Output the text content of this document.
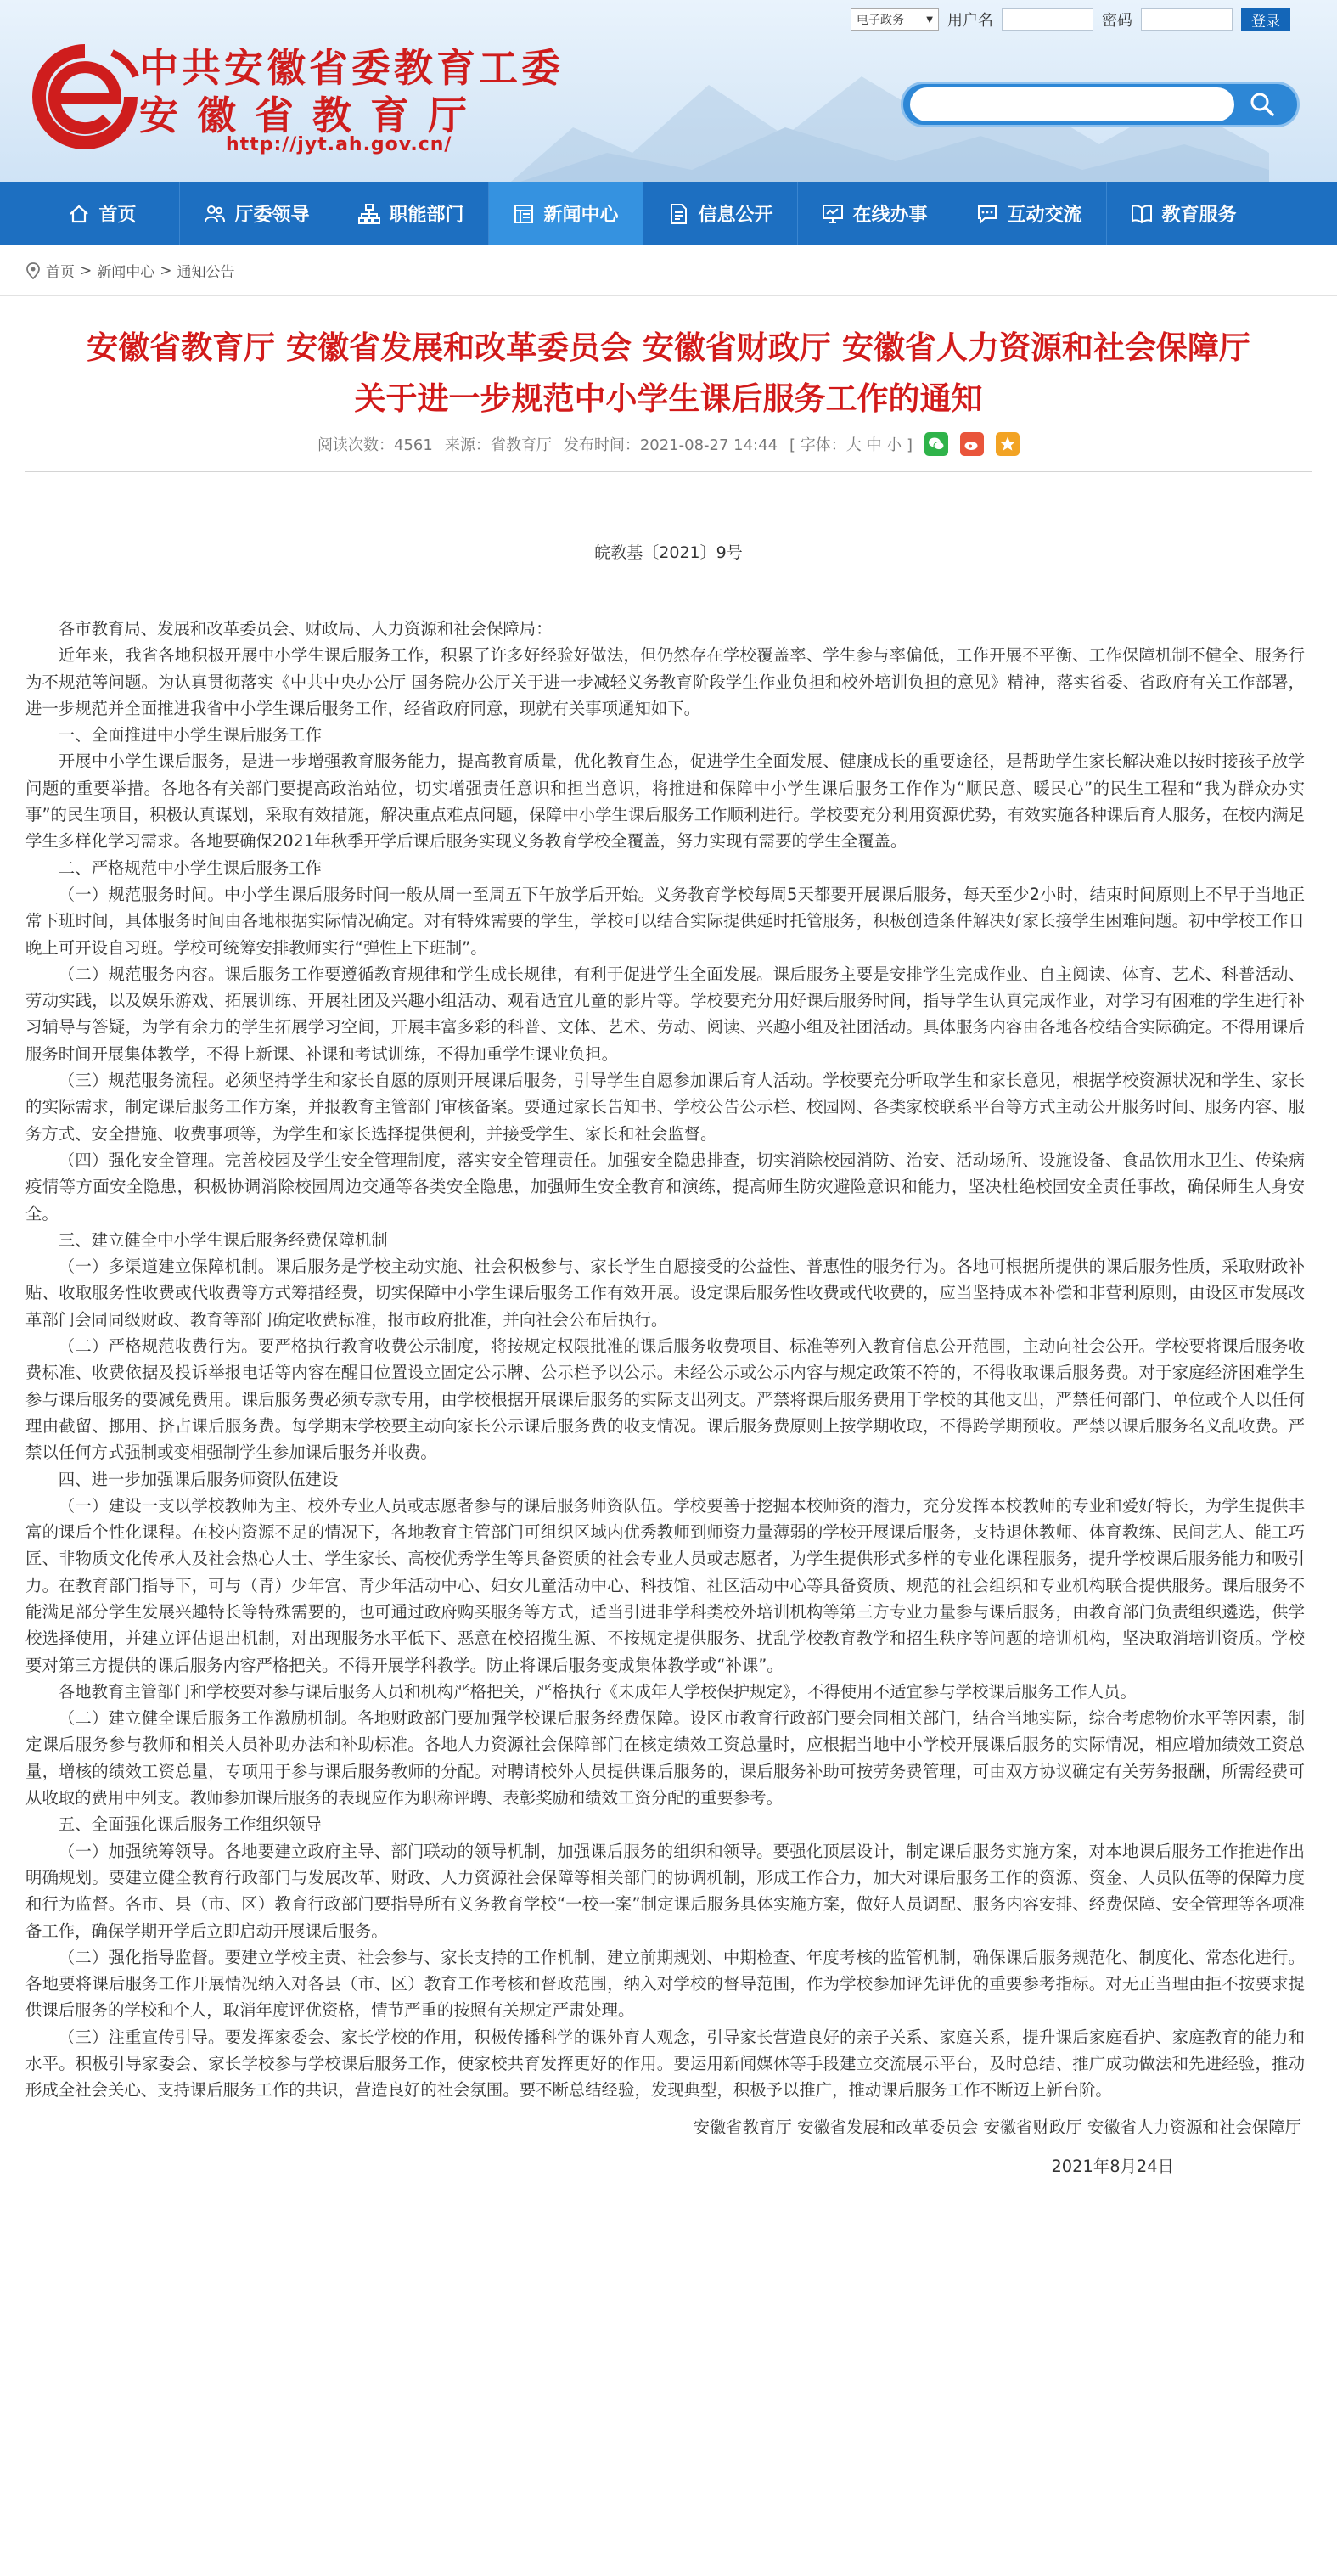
中共安徽省委教育工委
安徽省教育厅
http://jyt.ah.gov.cn/
电子政务	▼ 用户名	密码	登录
首页	厅委领导	职能部门	新闻中心	信息公开	在线办事	互动交流	教育服务
首页 > 新闻中心 > 通知公告
安徽省教育厅 安徽省发展和改革委员会 安徽省财政厅 安徽省人力资源和社会保障厅
关于进一步规范中小学生课后服务工作的通知
阅读次数：4561 来源：省教育厅 发布时间：2021-08-27 14:44 [ 字体：大 中 小 ]
皖教基〔2021〕9号

各市教育局、发展和改革委员会、财政局、人力资源和社会保障局：

近年来，我省各地积极开展中小学生课后服务工作，积累了许多好经验好做法，但仍然存在学校覆盖率、学生参与率偏低，工作开展不平衡、工作保障机制不健全、服务行为不规范等问题。为认真贯彻落实《中共中央办公厅 国务院办公厅关于进一步减轻义务教育阶段学生作业负担和校外培训负担的意见》精神，落实省委、省政府有关工作部署，进一步规范并全面推进我省中小学生课后服务工作，经省政府同意，现就有关事项通知如下。

一、全面推进中小学生课后服务工作

开展中小学生课后服务，是进一步增强教育服务能力，提高教育质量，优化教育生态，促进学生全面发展、健康成长的重要途径，是帮助学生家长解决难以按时接孩子放学问题的重要举措。各地各有关部门要提高政治站位，切实增强责任意识和担当意识，将推进和保障中小学生课后服务工作作为“顺民意、暖民心”的民生工程和“我为群众办实事”的民生项目，积极认真谋划，采取有效措施，解决重点难点问题，保障中小学生课后服务工作顺利进行。学校要充分利用资源优势，有效实施各种课后育人服务，在校内满足学生多样化学习需求。各地要确保2021年秋季开学后课后服务实现义务教育学校全覆盖，努力实现有需要的学生全覆盖。

二、严格规范中小学生课后服务工作

（一）规范服务时间。中小学生课后服务时间一般从周一至周五下午放学后开始。义务教育学校每周5天都要开展课后服务，每天至少2小时，结束时间原则上不早于当地正常下班时间，具体服务时间由各地根据实际情况确定。对有特殊需要的学生，学校可以结合实际提供延时托管服务，积极创造条件解决好家长接学生困难问题。初中学校工作日晚上可开设自习班。学校可统筹安排教师实行“弹性上下班制”。

（二）规范服务内容。课后服务工作要遵循教育规律和学生成长规律，有利于促进学生全面发展。课后服务主要是安排学生完成作业、自主阅读、体育、艺术、科普活动、劳动实践，以及娱乐游戏、拓展训练、开展社团及兴趣小组活动、观看适宜儿童的影片等。学校要充分用好课后服务时间，指导学生认真完成作业，对学习有困难的学生进行补习辅导与答疑，为学有余力的学生拓展学习空间，开展丰富多彩的科普、文体、艺术、劳动、阅读、兴趣小组及社团活动。具体服务内容由各地各校结合实际确定。不得用课后服务时间开展集体教学，不得上新课、补课和考试训练，不得加重学生课业负担。

（三）规范服务流程。必须坚持学生和家长自愿的原则开展课后服务，引导学生自愿参加课后育人活动。学校要充分听取学生和家长意见，根据学校资源状况和学生、家长的实际需求，制定课后服务工作方案，并报教育主管部门审核备案。要通过家长告知书、学校公告公示栏、校园网、各类家校联系平台等方式主动公开服务时间、服务内容、服务方式、安全措施、收费事项等，为学生和家长选择提供便利，并接受学生、家长和社会监督。

（四）强化安全管理。完善校园及学生安全管理制度，落实安全管理责任。加强安全隐患排查，切实消除校园消防、治安、活动场所、设施设备、食品饮用水卫生、传染病疫情等方面安全隐患，积极协调消除校园周边交通等各类安全隐患，加强师生安全教育和演练，提高师生防灾避险意识和能力，坚决杜绝校园安全责任事故，确保师生人身安全。

三、建立健全中小学生课后服务经费保障机制

（一）多渠道建立保障机制。课后服务是学校主动实施、社会积极参与、家长学生自愿接受的公益性、普惠性的服务行为。各地可根据所提供的课后服务性质，采取财政补贴、收取服务性收费或代收费等方式筹措经费，切实保障中小学生课后服务工作有效开展。设定课后服务性收费或代收费的，应当坚持成本补偿和非营利原则，由设区市发展改革部门会同同级财政、教育等部门确定收费标准，报市政府批准，并向社会公布后执行。

（二）严格规范收费行为。要严格执行教育收费公示制度，将按规定权限批准的课后服务收费项目、标准等列入教育信息公开范围，主动向社会公开。学校要将课后服务收费标准、收费依据及投诉举报电话等内容在醒目位置设立固定公示牌、公示栏予以公示。未经公示或公示内容与规定政策不符的，不得收取课后服务费。对于家庭经济困难学生参与课后服务的要减免费用。课后服务费必须专款专用，由学校根据开展课后服务的实际支出列支。严禁将课后服务费用于学校的其他支出，严禁任何部门、单位或个人以任何理由截留、挪用、挤占课后服务费。每学期末学校要主动向家长公示课后服务费的收支情况。课后服务费原则上按学期收取，不得跨学期预收。严禁以课后服务名义乱收费。严禁以任何方式强制或变相强制学生参加课后服务并收费。

四、进一步加强课后服务师资队伍建设

（一）建设一支以学校教师为主、校外专业人员或志愿者参与的课后服务师资队伍。学校要善于挖掘本校师资的潜力，充分发挥本校教师的专业和爱好特长，为学生提供丰富的课后个性化课程。在校内资源不足的情况下，各地教育主管部门可组织区域内优秀教师到师资力量薄弱的学校开展课后服务，支持退休教师、体育教练、民间艺人、能工巧匠、非物质文化传承人及社会热心人士、学生家长、高校优秀学生等具备资质的社会专业人员或志愿者，为学生提供形式多样的专业化课程服务，提升学校课后服务能力和吸引力。在教育部门指导下，可与（青）少年宫、青少年活动中心、妇女儿童活动中心、科技馆、社区活动中心等具备资质、规范的社会组织和专业机构联合提供服务。课后服务不能满足部分学生发展兴趣特长等特殊需要的，也可通过政府购买服务等方式，适当引进非学科类校外培训机构等第三方专业力量参与课后服务，由教育部门负责组织遴选，供学校选择使用，并建立评估退出机制，对出现服务水平低下、恶意在校招揽生源、不按规定提供服务、扰乱学校教育教学和招生秩序等问题的培训机构，坚决取消培训资质。学校要对第三方提供的课后服务内容严格把关。不得开展学科教学。防止将课后服务变成集体教学或“补课”。

各地教育主管部门和学校要对参与课后服务人员和机构严格把关，严格执行《未成年人学校保护规定》，不得使用不适宜参与学校课后服务工作人员。

（二）建立健全课后服务工作激励机制。各地财政部门要加强学校课后服务经费保障。设区市教育行政部门要会同相关部门，结合当地实际，综合考虑物价水平等因素，制定课后服务参与教师和相关人员补助办法和补助标准。各地人力资源社会保障部门在核定绩效工资总量时，应根据当地中小学校开展课后服务的实际情况，相应增加绩效工资总量，增核的绩效工资总量，专项用于参与课后服务教师的分配。对聘请校外人员提供课后服务的，课后服务补助可按劳务费管理，可由双方协议确定有关劳务报酬，所需经费可从收取的费用中列支。教师参加课后服务的表现应作为职称评聘、表彰奖励和绩效工资分配的重要参考。

五、全面强化课后服务工作组织领导

（一）加强统筹领导。各地要建立政府主导、部门联动的领导机制，加强课后服务的组织和领导。要强化顶层设计，制定课后服务实施方案，对本地课后服务工作推进作出明确规划。要建立健全教育行政部门与发展改革、财政、人力资源社会保障等相关部门的协调机制，形成工作合力，加大对课后服务工作的资源、资金、人员队伍等的保障力度和行为监督。各市、县（市、区）教育行政部门要指导所有义务教育学校“一校一案”制定课后服务具体实施方案，做好人员调配、服务内容安排、经费保障、安全管理等各项准备工作，确保学期开学后立即启动开展课后服务。

（二）强化指导监督。要建立学校主责、社会参与、家长支持的工作机制，建立前期规划、中期检查、年度考核的监管机制，确保课后服务规范化、制度化、常态化进行。各地要将课后服务工作开展情况纳入对各县（市、区）教育工作考核和督政范围，纳入对学校的督导范围，作为学校参加评先评优的重要参考指标。对无正当理由拒不按要求提供课后服务的学校和个人，取消年度评优资格，情节严重的按照有关规定严肃处理。

（三）注重宣传引导。要发挥家委会、家长学校的作用，积极传播科学的课外育人观念，引导家长营造良好的亲子关系、家庭关系，提升课后家庭看护、家庭教育的能力和水平。积极引导家委会、家长学校参与学校课后服务工作，使家校共育发挥更好的作用。要运用新闻媒体等手段建立交流展示平台，及时总结、推广成功做法和先进经验，推动形成全社会关心、支持课后服务工作的共识，营造良好的社会氛围。要不断总结经验，发现典型，积极予以推广，推动课后服务工作不断迈上新台阶。

安徽省教育厅 安徽省发展和改革委员会 安徽省财政厅 安徽省人力资源和社会保障厅
2021年8月24日
